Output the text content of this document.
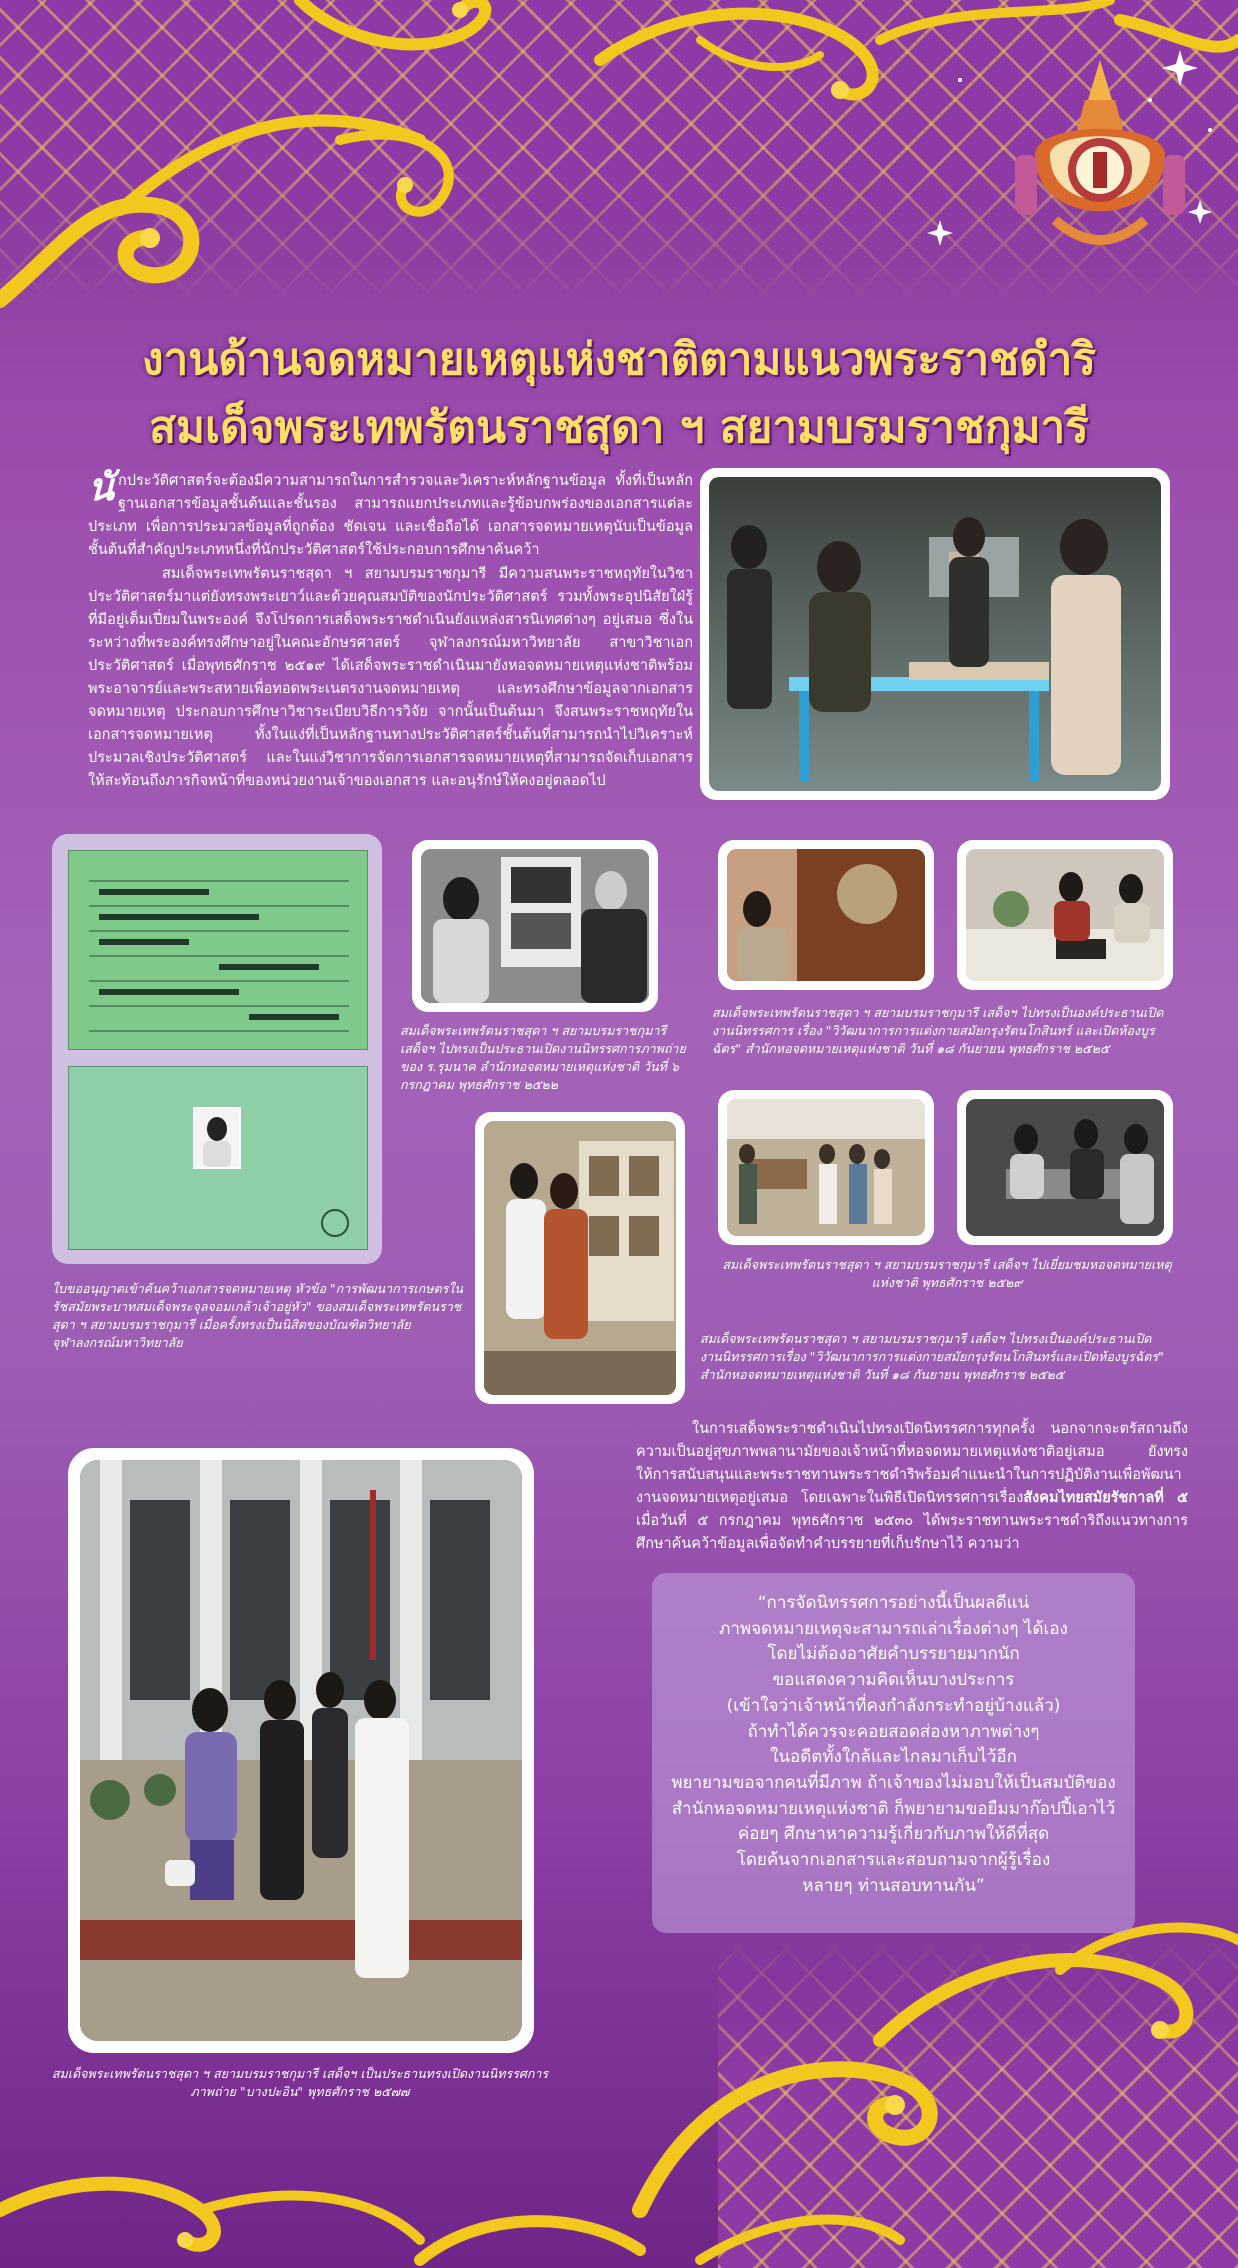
งานด้านจดหมายเหตุแห่งชาติตามแนวพระราชดำริ
สมเด็จพระเทพรัตนราชสุดา ฯ สยามบรมราชกุมารี

นักประวัติศาสตร์จะต้องมีความสามารถในการสำรวจและวิเคราะห์หลักฐานข้อมูล ทั้งที่เป็นหลักฐานเอกสารข้อมูลชั้นต้นและชั้นรอง สามารถแยกประเภทและรู้ข้อบกพร่องของเอกสารแต่ละประเภท เพื่อการประมวลข้อมูลที่ถูกต้อง ชัดเจน และเชื่อถือได้ เอกสารจดหมายเหตุนับเป็นข้อมูลชั้นต้นที่สำคัญประเภทหนึ่งที่นักประวัติศาสตร์ใช้ประกอบการศึกษาค้นคว้า

สมเด็จพระเทพรัตนราชสุดา ฯ สยามบรมราชกุมารี มีความสนพระราชหฤทัยในวิชาประวัติศาสตร์มาแต่ยังทรงพระเยาว์และด้วยคุณสมบัติของนักประวัติศาสตร์ รวมทั้งพระอุปนิสัยใฝ่รู้ที่มีอยู่เต็มเปี่ยมในพระองค์ จึงโปรดการเสด็จพระราชดำเนินยังแหล่งสารนิเทศต่างๆ อยู่เสมอ ซึ่งในระหว่างที่พระองค์ทรงศึกษาอยู่ในคณะอักษรศาสตร์ จุฬาลงกรณ์มหาวิทยาลัย สาขาวิชาเอกประวัติศาสตร์ เมื่อพุทธศักราช ๒๕๑๙ ได้เสด็จพระราชดำเนินมายังหอจดหมายเหตุแห่งชาติพร้อมพระอาจารย์และพระสหายเพื่อทอดพระเนตรงานจดหมายเหตุ และทรงศึกษาข้อมูลจากเอกสารจดหมายเหตุ ประกอบการศึกษาวิชาระเบียบวิธีการวิจัย จากนั้นเป็นต้นมา จึงสนพระราชหฤทัยในเอกสารจดหมายเหตุ ทั้งในแง่ที่เป็นหลักฐานทางประวัติศาสตร์ชั้นต้นที่สามารถนำไปวิเคราะห์ประมวลเชิงประวัติศาสตร์ และในแง่วิชาการจัดการเอกสารจดหมายเหตุที่สามารถจัดเก็บเอกสาร ให้สะท้อนถึงภารกิจหน้าที่ของหน่วยงานเจ้าของเอกสาร และอนุรักษ์ให้คงอยู่ตลอดไป

ใบขออนุญาตเข้าค้นคว้าเอกสารจดหมายเหตุ หัวข้อ "การพัฒนาการเกษตรใน รัชสมัยพระบาทสมเด็จพระจุลจอมเกล้าเจ้าอยู่หัว" ของสมเด็จพระเทพรัตนราชสุดา ฯ สยามบรมราชกุมารี เมื่อครั้งทรงเป็นนิสิตของบัณฑิตวิทยาลัยจุฬาลงกรณ์มหาวิทยาลัย

สมเด็จพระเทพรัตนราชสุดา ฯ สยามบรมราชกุมารี เสด็จฯ ไปทรงเป็นประธานเปิดงานนิทรรศการภาพถ่ายของ ร.รุมนาค ลำนักหอจดหมายเหตุแห่งชาติ วันที่ ๖ กรกฎาคม พุทธศักราช ๒๕๒๒

สมเด็จพระเทพรัตนราชสุดา ฯ สยามบรมราชกุมารี เสด็จฯ ไปทรงเป็นองค์ประธานเปิดงานนิทรรศการ เรื่อง "วิวัฒนาการการแต่งกายสมัยกรุงรัตนโกสินทร์ และเปิดห้องบูรฉัตร" สำนักหอจดหมายเหตุแห่งชาติ วันที่ ๑๘ กันยายน พุทธศักราช ๒๕๒๕

สมเด็จพระเทพรัตนราชสุดา ฯ สยามบรมราชกุมารี เสด็จฯ ไปเยี่ยมชมหอจดหมายเหตุแห่งชาติ พุทธศักราช ๒๕๒๙

สมเด็จพระเทพรัตนราชสุดา ฯ สยามบรมราชกุมารี เสด็จฯ ไปทรงเป็นองค์ประธานเปิดงานนิทรรศการเรื่อง "วิวัฒนาการการแต่งกายสมัยกรุงรัตนโกสินทร์และเปิดห้องบูรฉัตร" สำนักหอจดหมายเหตุแห่งชาติ วันที่ ๑๘ กันยายน พุทธศักราช ๒๕๒๕

ในการเสด็จพระราชดำเนินไปทรงเปิดนิทรรศการทุกครั้ง นอกจากจะตรัสถามถึงความเป็นอยู่สุขภาพพลานามัยของเจ้าหน้าที่หอจดหมายเหตุแห่งชาติอยู่เสมอ ยังทรงให้การสนับสนุนและพระราชทานพระราชดำริพร้อมคำแนะนำในการปฏิบัติงานเพื่อพัฒนางานจดหมายเหตุอยู่เสมอ โดยเฉพาะในพิธีเปิดนิทรรศการเรื่องสังคมไทยสมัยรัชกาลที่ ๕ เมื่อวันที่ ๕ กรกฎาคม พุทธศักราช ๒๕๓๐ ได้พระราชทานพระราชดำริถึงแนวทางการศึกษาค้นคว้าข้อมูลเพื่อจัดทำคำบรรยายที่เก็บรักษาไว้ ความว่า

สมเด็จพระเทพรัตนราชสุดา ฯ สยามบรมราชกุมารี เสด็จฯ เป็นประธานทรงเปิดงานนิทรรศการภาพถ่าย "บางปะอิน" พุทธศักราช ๒๕๗๗

“การจัดนิทรรศการอย่างนี้เป็นผลดีแน่
ภาพจดหมายเหตุจะสามารถเล่าเรื่องต่างๆ ได้เอง
โดยไม่ต้องอาศัยคำบรรยายมากนัก
ขอแสดงความคิดเห็นบางประการ
(เข้าใจว่าเจ้าหน้าที่คงกำลังกระทำอยู่บ้างแล้ว)
ถ้าทำได้ควรจะคอยสอดส่องหาภาพต่างๆ
ในอดีตทั้งใกล้และไกลมาเก็บไว้อีก
พยายามขอจากคนที่มีภาพ ถ้าเจ้าของไม่มอบให้เป็นสมบัติของ
สำนักหอจดหมายเหตุแห่งชาติ ก็พยายามขอยืมมาก๊อปปี้เอาไว้
ค่อยๆ ศึกษาหาความรู้เกี่ยวกับภาพให้ดีที่สุด
โดยค้นจากเอกสารและสอบถามจากผู้รู้เรื่อง
หลายๆ ท่านสอบทานกัน”
